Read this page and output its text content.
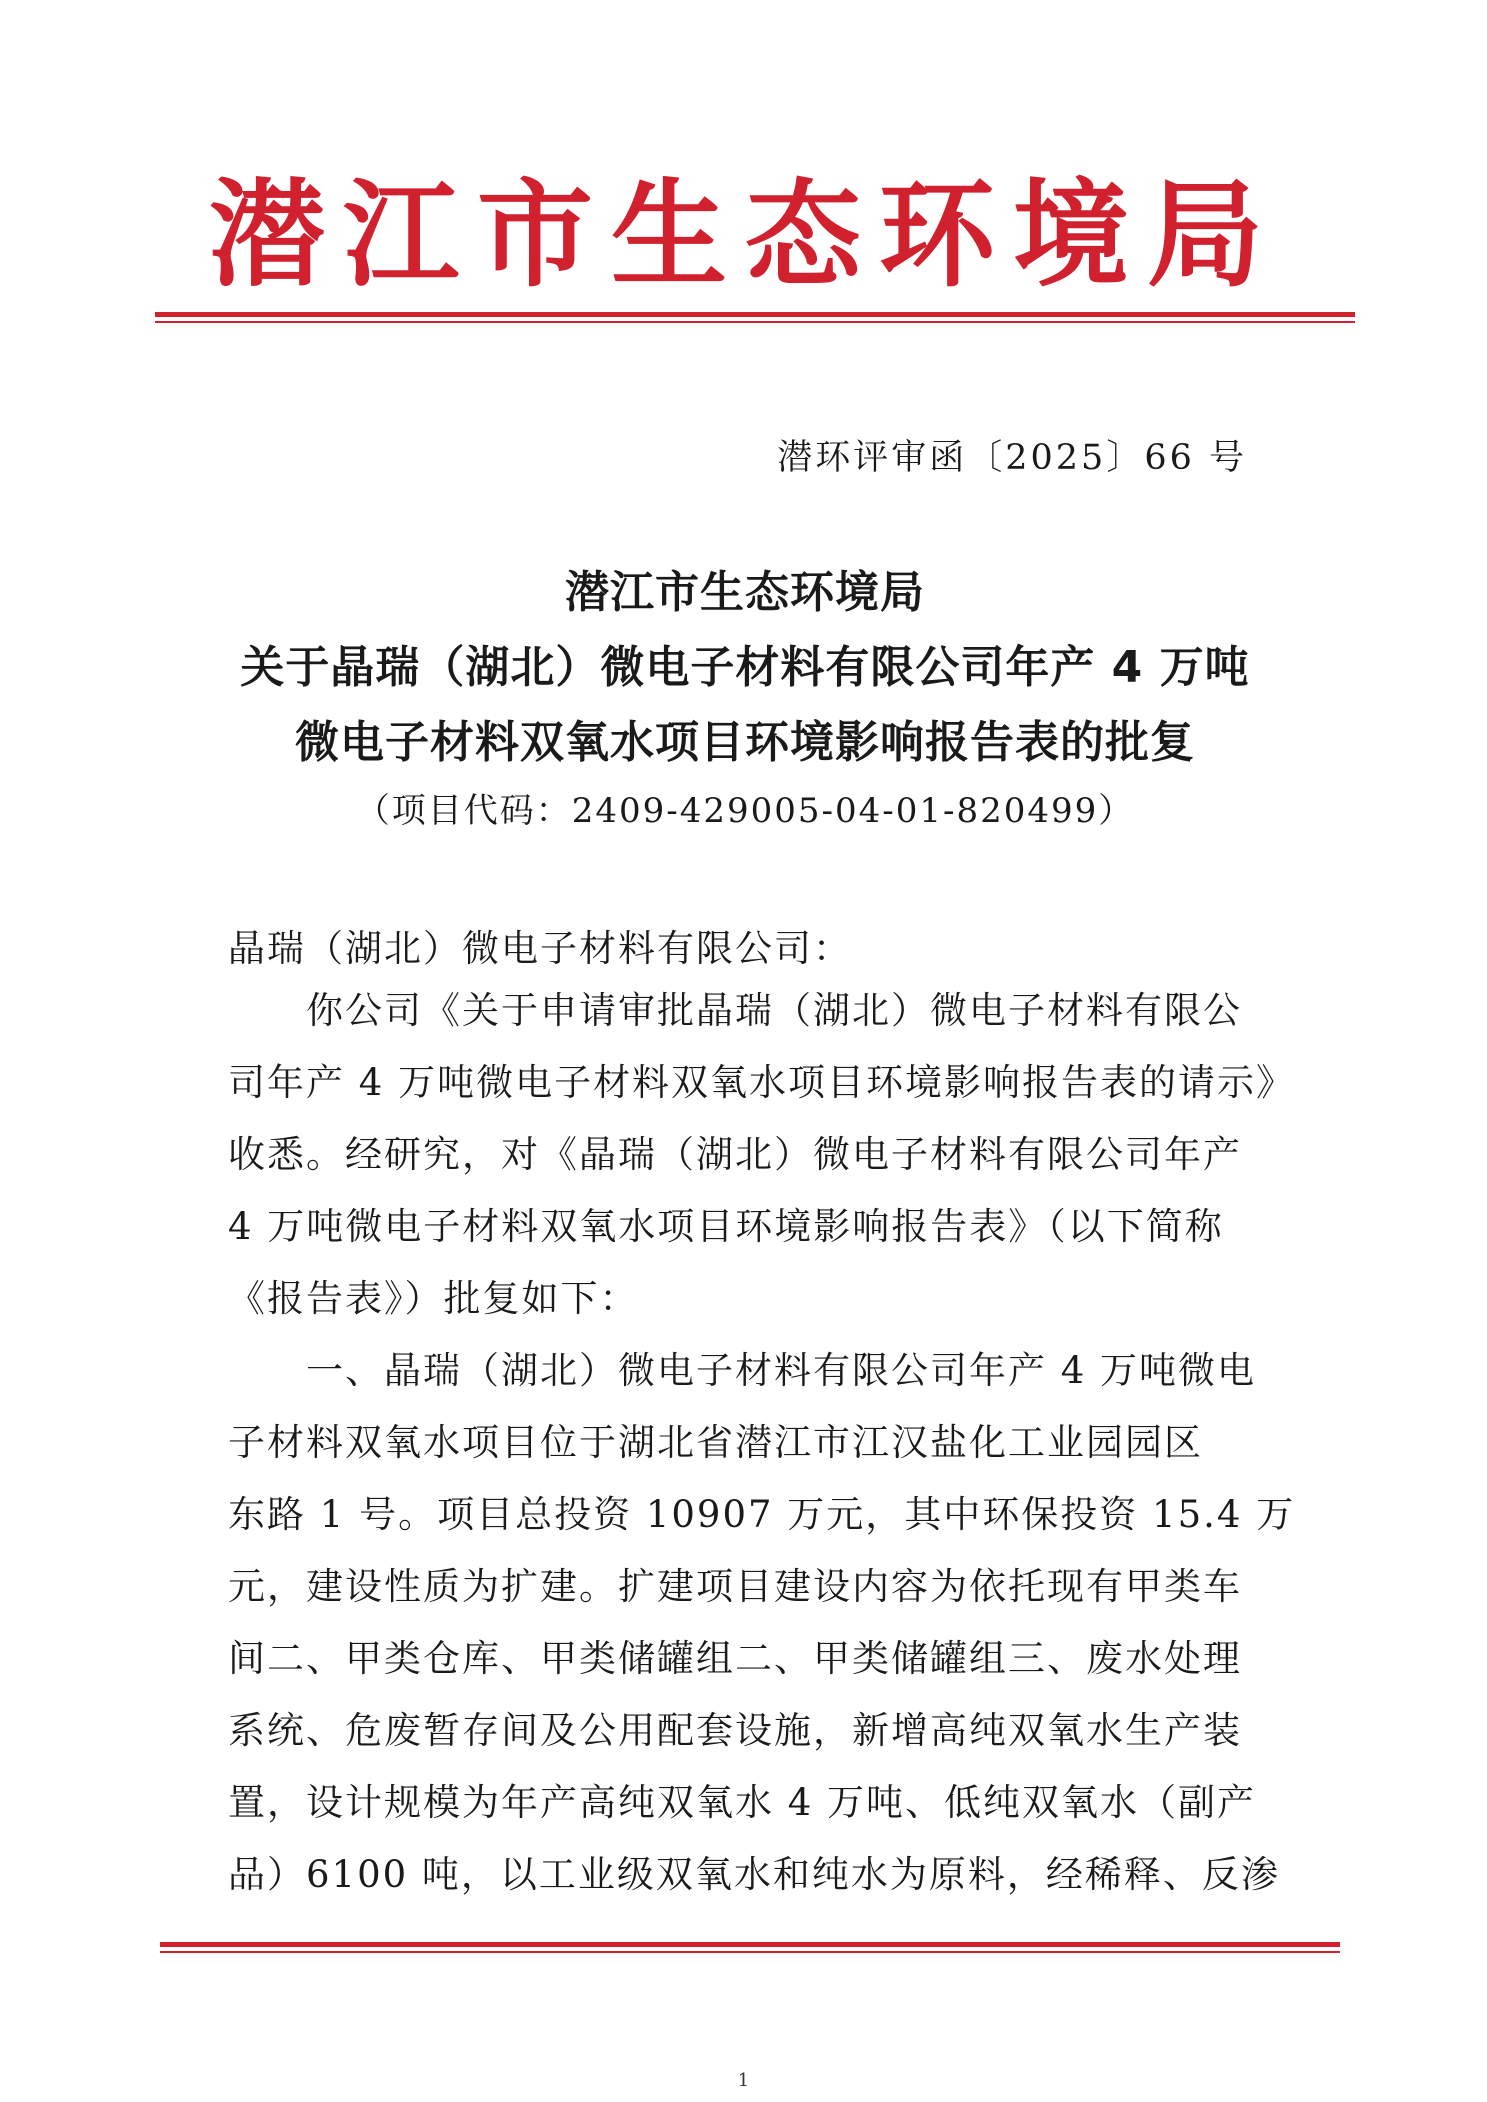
潜江市生态环境局
潜环评审函〔2025〕66 号
潜江市生态环境局
关于晶瑞（湖北）微电子材料有限公司年产 4 万吨
微电子材料双氧水项目环境影响报告表的批复
（项目代码：2409-429005-04-01-820499）
晶瑞（湖北）微电子材料有限公司：
你公司《关于申请审批晶瑞（湖北）微电子材料有限公
司年产 4 万吨微电子材料双氧水项目环境影响报告表的请示》
收悉。经研究，对《晶瑞（湖北）微电子材料有限公司年产
4 万吨微电子材料双氧水项目环境影响报告表》（以下简称
《报告表》）批复如下：
一、晶瑞（湖北）微电子材料有限公司年产 4 万吨微电
子材料双氧水项目位于湖北省潜江市江汉盐化工业园园区
东路 1 号。项目总投资 10907 万元，其中环保投资 15.4 万
元，建设性质为扩建。扩建项目建设内容为依托现有甲类车
间二、甲类仓库、甲类储罐组二、甲类储罐组三、废水处理
系统、危废暂存间及公用配套设施，新增高纯双氧水生产装
置，设计规模为年产高纯双氧水 4 万吨、低纯双氧水（副产
品）6100 吨，以工业级双氧水和纯水为原料，经稀释、反渗
1
